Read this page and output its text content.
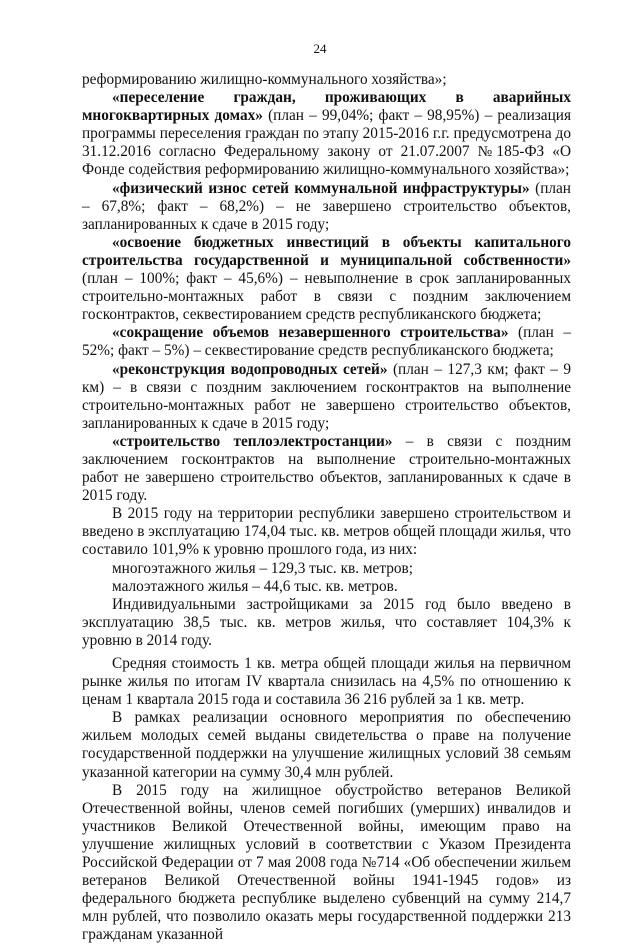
24

реформированию жилищно-коммунального хозяйства»;

«переселение граждан, проживающих в аварийных многоквартирных домах» (план – 99,04%; факт – 98,95%) – реализация программы переселения граждан по этапу 2015-2016 г.г. предусмотрена до 31.12.2016 согласно Федеральному закону от 21.07.2007 №185-ФЗ «О Фонде содействия реформированию жилищно-коммунального хозяйства»;

«физический износ сетей коммунальной инфраструктуры» (план – 67,8%; факт – 68,2%) – не завершено строительство объектов, запланированных к сдаче в 2015 году;

«освоение бюджетных инвестиций в объекты капитального строительства государственной и муниципальной собственности» (план – 100%; факт – 45,6%) – невыполнение в срок запланированных строительно-монтажных работ в связи с поздним заключением госконтрактов, секвестированием средств республиканского бюджета;

«сокращение объемов незавершенного строительства» (план – 52%; факт – 5%) – секвестирование средств республиканского бюджета;

«реконструкция водопроводных сетей» (план – 127,3 км; факт – 9 км) – в связи с поздним заключением госконтрактов на выполнение строительно-монтажных работ не завершено строительство объектов, запланированных к сдаче в 2015 году;

«строительство теплоэлектростанции» – в связи с поздним заключением госконтрактов на выполнение строительно-монтажных работ не завершено строительство объектов, запланированных к сдаче в 2015 году.

В 2015 году на территории республики завершено строительством и введено в эксплуатацию 174,04 тыс. кв. метров общей площади жилья, что составило 101,9% к уровню прошлого года, из них:

многоэтажного жилья – 129,3 тыс. кв. метров;

малоэтажного жилья – 44,6 тыс. кв. метров.

Индивидуальными застройщиками за 2015 год было введено в эксплуатацию 38,5 тыс. кв. метров жилья, что составляет 104,3% к уровню в 2014 году.

Средняя стоимость 1 кв. метра общей площади жилья на первичном рынке жилья по итогам IV квартала снизилась на 4,5% по отношению к ценам 1 квартала 2015 года и составила 36 216 рублей за 1 кв. метр.

В рамках реализации основного мероприятия по обеспечению жильем молодых семей выданы свидетельства о праве на получение государственной поддержки на улучшение жилищных условий 38 семьям указанной категории на сумму 30,4 млн рублей.

В 2015 году на жилищное обустройство ветеранов Великой Отечественной войны, членов семей погибших (умерших) инвалидов и участников Великой Отечественной войны, имеющим право на улучшение жилищных условий в соответствии с Указом Президента Российской Федерации от 7 мая 2008 года №714 «Об обеспечении жильем ветеранов Великой Отечественной войны 1941-1945 годов» из федерального бюджета республике выделено субвенций на сумму 214,7 млн рублей, что позволило оказать меры государственной поддержки 213 гражданам указанной
